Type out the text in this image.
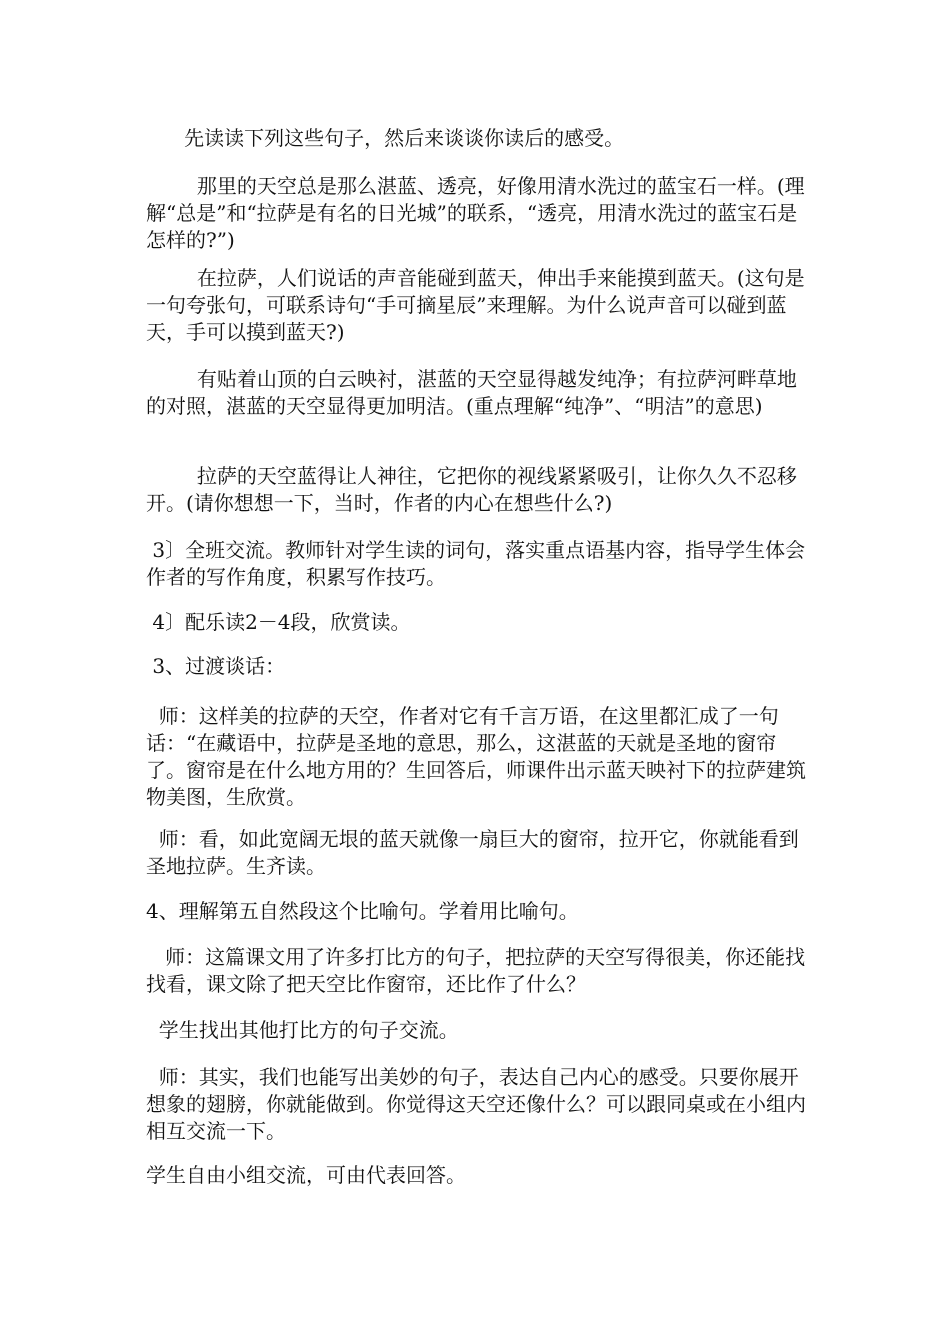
先读读下列这些句子，然后来谈谈你读后的感受。

那里的天空总是那么湛蓝、透亮，好像用清水洗过的蓝宝石一样。(理解“总是”和“拉萨是有名的日光城”的联系，“透亮，用清水洗过的蓝宝石是怎样的?”)

在拉萨，人们说话的声音能碰到蓝天，伸出手来能摸到蓝天。(这句是一句夸张句，可联系诗句“手可摘星辰”来理解。为什么说声音可以碰到蓝天，手可以摸到蓝天?)

有贴着山顶的白云映衬，湛蓝的天空显得越发纯净；有拉萨河畔草地的对照，湛蓝的天空显得更加明洁。(重点理解“纯净”、“明洁”的意思)

拉萨的天空蓝得让人神往，它把你的视线紧紧吸引，让你久久不忍移开。(请你想想一下，当时，作者的内心在想些什么?)

3〕全班交流。教师针对学生读的词句，落实重点语基内容，指导学生体会作者的写作角度，积累写作技巧。

4〕配乐读2－4段，欣赏读。

3、过渡谈话：

师：这样美的拉萨的天空，作者对它有千言万语，在这里都汇成了一句话：“在藏语中，拉萨是圣地的意思，那么，这湛蓝的天就是圣地的窗帘了。窗帘是在什么地方用的？生回答后，师课件出示蓝天映衬下的拉萨建筑物美图，生欣赏。

师：看，如此宽阔无垠的蓝天就像一扇巨大的窗帘，拉开它，你就能看到圣地拉萨。生齐读。

4、理解第五自然段这个比喻句。学着用比喻句。

师：这篇课文用了许多打比方的句子，把拉萨的天空写得很美，你还能找找看，课文除了把天空比作窗帘，还比作了什么？

学生找出其他打比方的句子交流。

师：其实，我们也能写出美妙的句子，表达自己内心的感受。只要你展开想象的翅膀，你就能做到。你觉得这天空还像什么？可以跟同桌或在小组内相互交流一下。

学生自由小组交流，可由代表回答。
